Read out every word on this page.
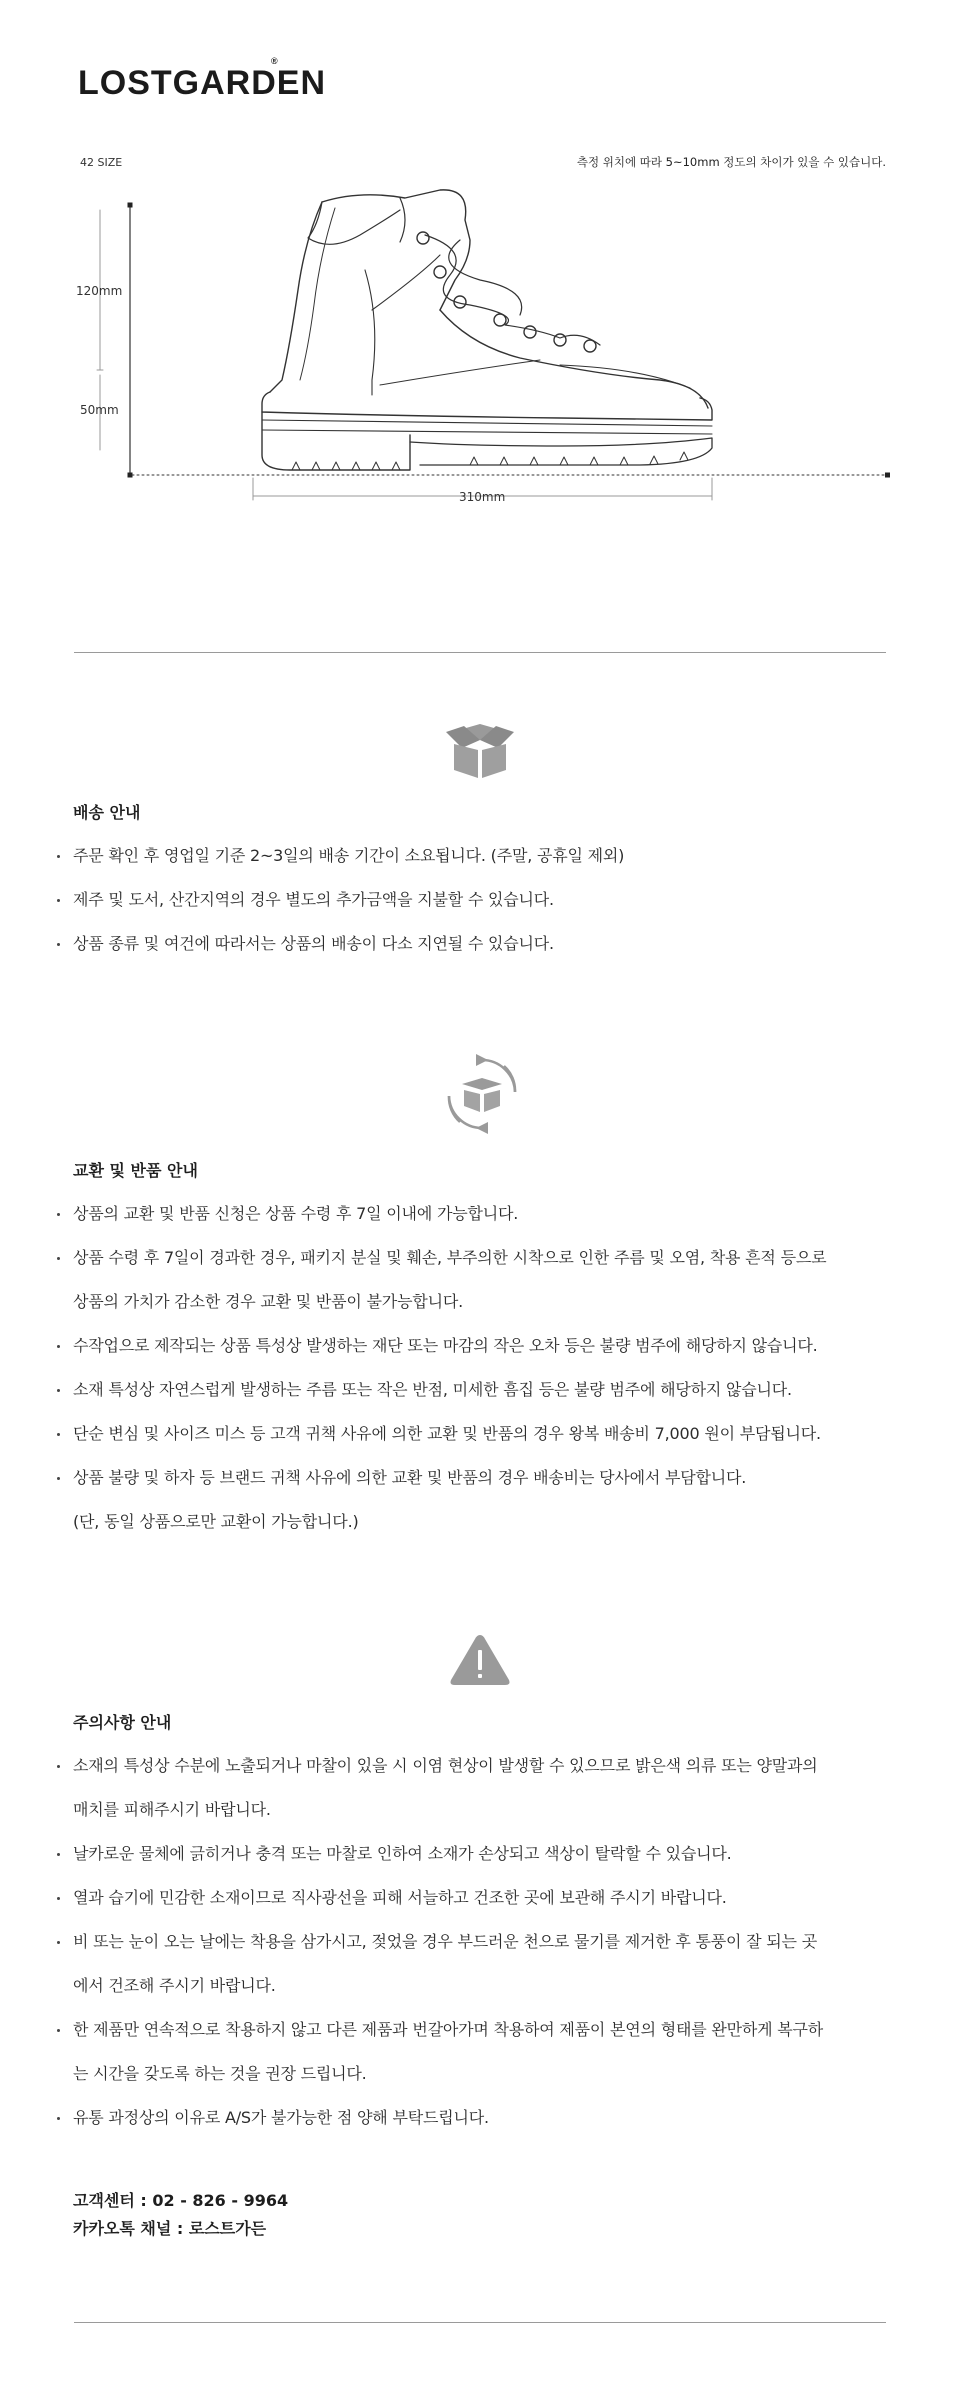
LOSTGARDEN
®
42 SIZE	측정 위치에 따라 5~10mm 정도의 차이가 있을 수 있습니다.
120mm
50mm
310mm
배송 안내
주문 확인 후 영업일 기준 2~3일의 배송 기간이 소요됩니다. (주말, 공휴일 제외)
제주 및 도서, 산간지역의 경우 별도의 추가금액을 지불할 수 있습니다.
상품 종류 및 여건에 따라서는 상품의 배송이 다소 지연될 수 있습니다.
교환 및 반품 안내
상품의 교환 및 반품 신청은 상품 수령 후 7일 이내에 가능합니다.
상품 수령 후 7일이 경과한 경우, 패키지 분실 및 훼손, 부주의한 시착으로 인한 주름 및 오염, 착용 흔적 등으로
상품의 가치가 감소한 경우 교환 및 반품이 불가능합니다.
수작업으로 제작되는 상품 특성상 발생하는 재단 또는 마감의 작은 오차 등은 불량 범주에 해당하지 않습니다.
소재 특성상 자연스럽게 발생하는 주름 또는 작은 반점, 미세한 흠집 등은 불량 범주에 해당하지 않습니다.
단순 변심 및 사이즈 미스 등 고객 귀책 사유에 의한 교환 및 반품의 경우 왕복 배송비 7,000 원이 부담됩니다.
상품 불량 및 하자 등 브랜드 귀책 사유에 의한 교환 및 반품의 경우 배송비는 당사에서 부담합니다.
(단, 동일 상품으로만 교환이 가능합니다.)
주의사항 안내
소재의 특성상 수분에 노출되거나 마찰이 있을 시 이염 현상이 발생할 수 있으므로 밝은색 의류 또는 양말과의
매치를 피해주시기 바랍니다.
날카로운 물체에 긁히거나 충격 또는 마찰로 인하여 소재가 손상되고 색상이 탈락할 수 있습니다.
열과 습기에 민감한 소재이므로 직사광선을 피해 서늘하고 건조한 곳에 보관해 주시기 바랍니다.
비 또는 눈이 오는 날에는 착용을 삼가시고, 젖었을 경우 부드러운 천으로 물기를 제거한 후 통풍이 잘 되는 곳
에서 건조해 주시기 바랍니다.
한 제품만 연속적으로 착용하지 않고 다른 제품과 번갈아가며 착용하여 제품이 본연의 형태를 완만하게 복구하
는 시간을 갖도록 하는 것을 권장 드립니다.
유통 과정상의 이유로 A/S가 불가능한 점 양해 부탁드립니다.
고객센터 : 02 - 826 - 9964
카카오톡 채널 : 로스트가든
